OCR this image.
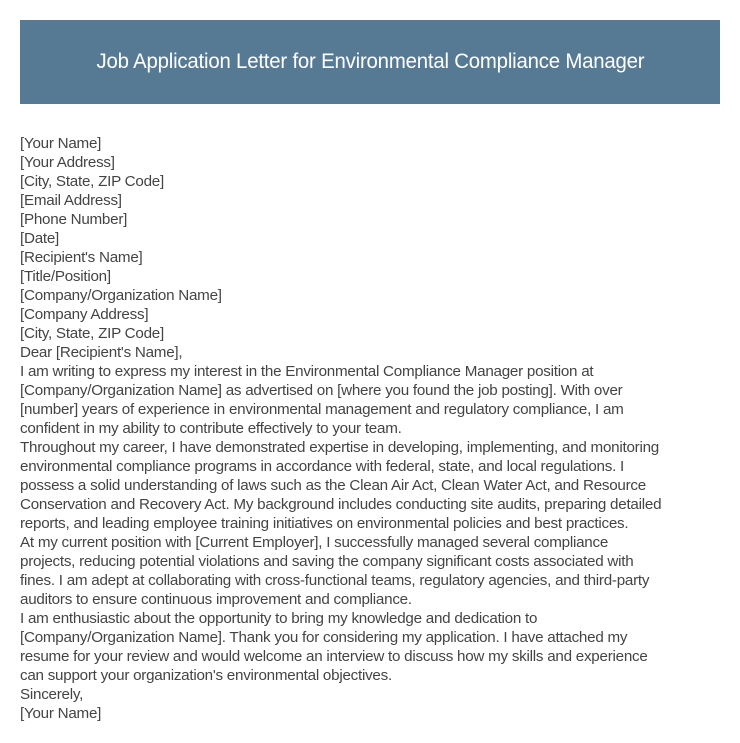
Job Application Letter for Environmental Compliance Manager

[Your Name]

[Your Address]

[City, State, ZIP Code]

[Email Address]

[Phone Number]

[Date]

[Recipient's Name]

[Title/Position]

[Company/Organization Name]

[Company Address]

[City, State, ZIP Code]

Dear [Recipient's Name],

I am writing to express my interest in the Environmental Compliance Manager position at

[Company/Organization Name] as advertised on [where you found the job posting]. With over

[number] years of experience in environmental management and regulatory compliance, I am

confident in my ability to contribute effectively to your team.

Throughout my career, I have demonstrated expertise in developing, implementing, and monitoring

environmental compliance programs in accordance with federal, state, and local regulations. I

possess a solid understanding of laws such as the Clean Air Act, Clean Water Act, and Resource

Conservation and Recovery Act. My background includes conducting site audits, preparing detailed

reports, and leading employee training initiatives on environmental policies and best practices.

At my current position with [Current Employer], I successfully managed several compliance

projects, reducing potential violations and saving the company significant costs associated with

fines. I am adept at collaborating with cross-functional teams, regulatory agencies, and third-party

auditors to ensure continuous improvement and compliance.

I am enthusiastic about the opportunity to bring my knowledge and dedication to

[Company/Organization Name]. Thank you for considering my application. I have attached my

resume for your review and would welcome an interview to discuss how my skills and experience

can support your organization's environmental objectives.

Sincerely,

[Your Name]
